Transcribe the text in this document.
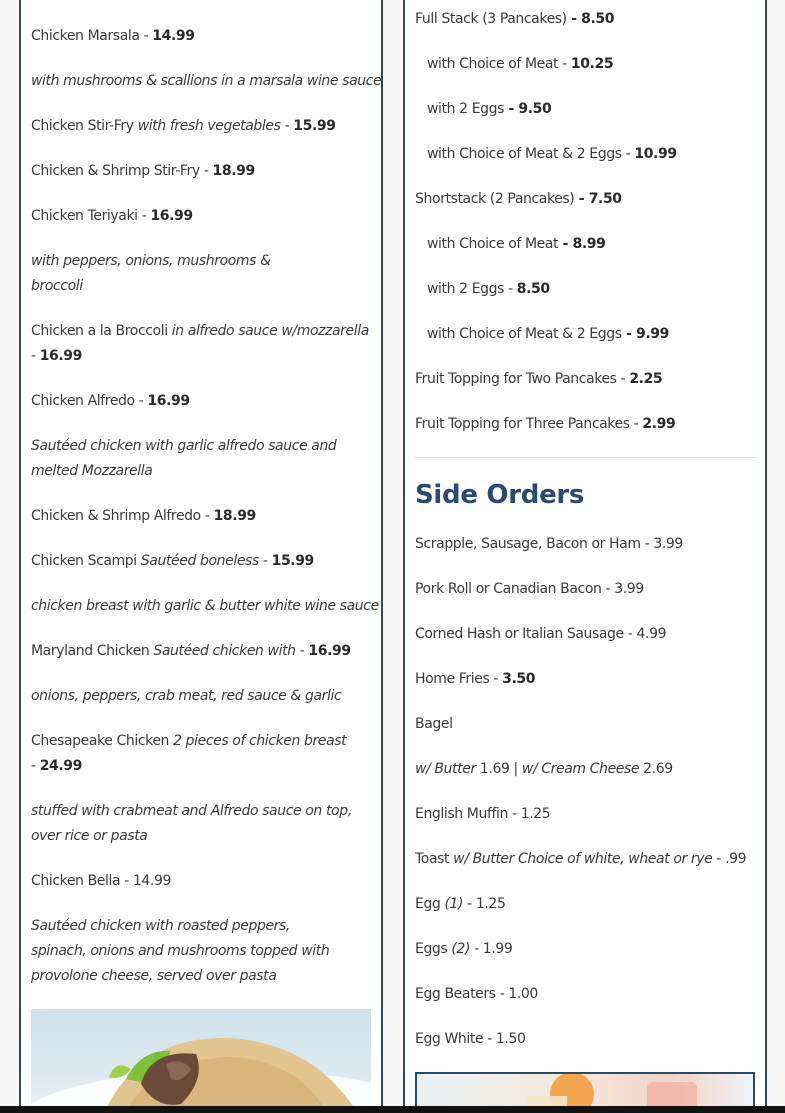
Chicken Marsala - 14.99
with mushrooms & scallions in a marsala wine sauce
Chicken Stir-Fry with fresh vegetables - 15.99
Chicken & Shrimp Stir-Fry - 18.99
Chicken Teriyaki - 16.99
with peppers, onions, mushrooms & broccoli
Chicken a la Broccoli in alfredo sauce w/mozzarella - 16.99
Chicken Alfredo - 16.99
Sautéed chicken with garlic alfredo sauce and melted Mozzarella
Chicken & Shrimp Alfredo - 18.99
Chicken Scampi Sautéed boneless - 15.99
chicken breast with garlic & butter white wine sauce
Maryland Chicken Sautéed chicken with - 16.99
onions, peppers, crab meat, red sauce & garlic
Chesapeake Chicken 2 pieces of chicken breast - 24.99
stuffed with crabmeat and Alfredo sauce on top, over rice or pasta
Chicken Bella - 14.99
Sautéed chicken with roasted peppers, spinach, onions and mushrooms topped with provolone cheese, served over pasta
Full Stack (3 Pancakes) - 8.50
with Choice of Meat - 10.25
with 2 Eggs - 9.50
with Choice of Meat & 2 Eggs - 10.99
Shortstack (2 Pancakes) - 7.50
with Choice of Meat - 8.99
with 2 Eggs - 8.50
with Choice of Meat & 2 Eggs - 9.99
Fruit Topping for Two Pancakes - 2.25
Fruit Topping for Three Pancakes - 2.99
Side Orders
Scrapple, Sausage, Bacon or Ham - 3.99
Pork Roll or Canadian Bacon - 3.99
Corned Hash or Italian Sausage - 4.99
Home Fries - 3.50
Bagel
w/ Butter 1.69 | w/ Cream Cheese 2.69
English Muffin - 1.25
Toast w/ Butter Choice of white, wheat or rye - .99
Egg (1) - 1.25
Eggs (2) - 1.99
Egg Beaters - 1.00
Egg White - 1.50
